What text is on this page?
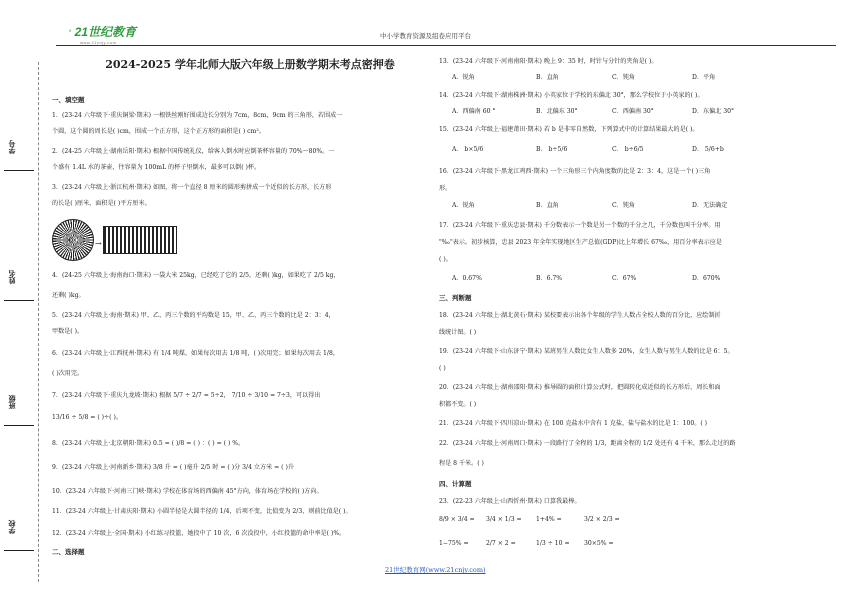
21世纪教育
www.21cnjy.com
中小学教育资源及组卷应用平台
学号
姓名
班级
学校
2024-2025 学年北师大版六年级上册数学期末考点密押卷
一、填空题
1．(23-24 六年级下·重庆铜梁·期末) 一根铁丝刚好围成边长分别为 7cm，8cm，9cm 的三角形，若围成一
个圆，这个圆的周长是( )cm，围成一个正方形，这个正方形的面积是( ) cm²。
2．(24-25 六年级上·湖南岳阳·期末) 根据中国传统礼仪，给客人倒水时应倒茶杯容量的 70%～80%。一
个盛有 1.4L 水的茶壶，往容量为 100mL 的杯子里倒水，最多可以倒( )杯。
3．(23-24 六年级上·浙江杭州·期末) 如图，将一个直径 8 厘米的圆形剪拼成一个近似的长方形，长方形
的长是( )厘米，面积是( )平方厘米。
→
4．(24-25 六年级上·海南海口·期末) 一袋大米 25kg，已经吃了它的 2/5，还剩( )kg，如果吃了 2/5 kg，
还剩( )kg。
5．(23-24 六年级上·海南·期末) 甲、乙、丙三个数的平均数是 15，甲、乙、丙三个数的比是 2：3：4，
甲数是( )。
6．(23-24 六年级上·江西抚州·期末) 有 1/4 吨煤，如果每次用去 1/8 吨，( )次用完；如果每次用去 1/8，
( )次用完。
7．(23-24 六年级下·重庆九龙坡·期末) 根据 5/7 ÷ 2/7 = 5÷2， 7/10 ÷ 3/10 = 7÷3，可以得出
13/16 ÷ 5/8 = ( )÷( )。
8．(23-24 六年级上·北京朝阳·期末) 0.5 = ( )/8 = ( ) ：( ) = ( ) %。
9．(23-24 六年级上·河南新乡·期末) 3/8 升 = ( )毫升 2/5 时 = ( )分 3/4 立方米 = ( )升
10．(23-24 六年级下·河南三门峡·期末) 学校在体育场的西偏南 45°方向，体育场在学校的( )方向。
11．(23-24 六年级上·甘肃庆阳·期末) 小圆半径是大圆半径的 1/4，后项不变，比值变为 2/3，则前比值是( )。
12．(23-24 六年级上·全国·期末) 小红练习投篮，她投中了 10 次，6 次没投中，小红投篮的命中率是( )%。
二、选择题
13．(23-24 六年级下·河南南阳·期末) 晚上 9：35 时，时针与分针的夹角是( )。
A．锐角	B．直角	C．钝角	D．平角
14．(23-24 六年级下·湖南株洲·期末) 小英家位于学校的东偏北 30°，那么学校位于小英家的( )。
A．西偏南 60 °	B．北偏东 30°	C．西偏南 30°	D．东偏北 30°
15．(23-24 六年级上·福建莆田·期末) 若 b 是非零自然数，下列算式中的计算结果最大的是( )。
A． b×5/6	B． b÷5/6	C． b÷6/5	D． 5/6+b
16．(23-24 六年级下·黑龙江鸡西·期末) 一个三角形三个内角度数的比是 2：3：4，这是一个( )三角
形。
A．锐角	B．直角	C．钝角	D．无法确定
17．(23-24 六年级下·重庆忠县·期末) 千分数表示一个数是另一个数的千分之几，千分数也叫千分率。用
"‰"表示。初步核算，忠县 2023 年全年实现地区生产总值(GDP)比上年增长 67‰，用百分率表示应是
( )。
A．0.67%	B．6.7%	C．67%	D．670%
三、判断题
18．(23-24 六年级上·湖北黄石·期末) 某校要表示出各个年级的学生人数占全校人数的百分比，应绘制折
线统计图。( )
19．(23-24 六年级下·山东济宁·期末) 某班男生人数比女生人数多 20%，女生人数与男生人数的比是 6：5。
( )
20．(23-24 六年级上·湖南邵阳·期末) 推导圆的面积计算公式时，把圆转化成近似的长方形后，周长和面
积都不变。( )
21．(23-24 六年级下·四川凉山·期末) 在 100 克盐水中含有 1 克盐，盐与盐水的比是 1：100。( )
22．(23-24 六年级上·河南周口·期末) 一段路行了全程的 1/3，距离全程的 1/2 处还有 4 千米，那么走过的路
程是 8 千米。( )
四、计算题
23．(22-23 六年级上·山西忻州·期末) 口算我最棒。
8/9 × 3/4 = 3/4 × 1/3 = 1+4% =	3/2 × 2/3 =
1−75% =	2/7 × 2 =	1/3 ÷ 10 = 30×5% =
21世纪教育网(www.21cnjy.com)
